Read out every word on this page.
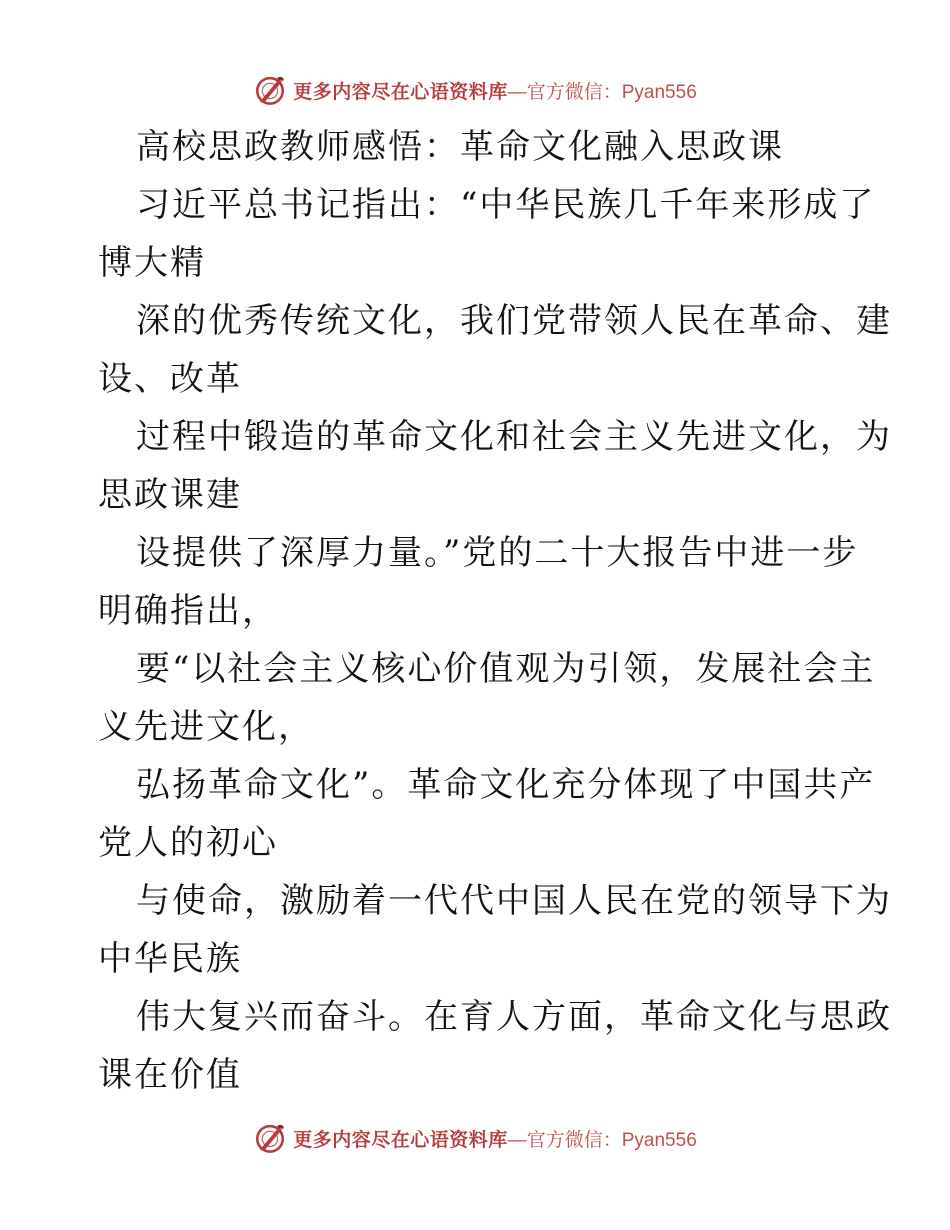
更多内容尽在心语资料库 —官方微信：Pyan556
高校思政教师感悟：革命文化融入思政课
习近平总书记指出：“中华民族几千年来形成了
博大精
深的优秀传统文化，我们党带领人民在革命、建
设、改革
过程中锻造的革命文化和社会主义先进文化，为
思政课建
设提供了深厚力量。”党的二十大报告中进一步
明确指出，
要“以社会主义核心价值观为引领，发展社会主
义先进文化，
弘扬革命文化”。革命文化充分体现了中国共产
党人的初心
与使命，激励着一代代中国人民在党的领导下为
中华民族
伟大复兴而奋斗。在育人方面，革命文化与思政
课在价值
更多内容尽在心语资料库 —官方微信：Pyan556
